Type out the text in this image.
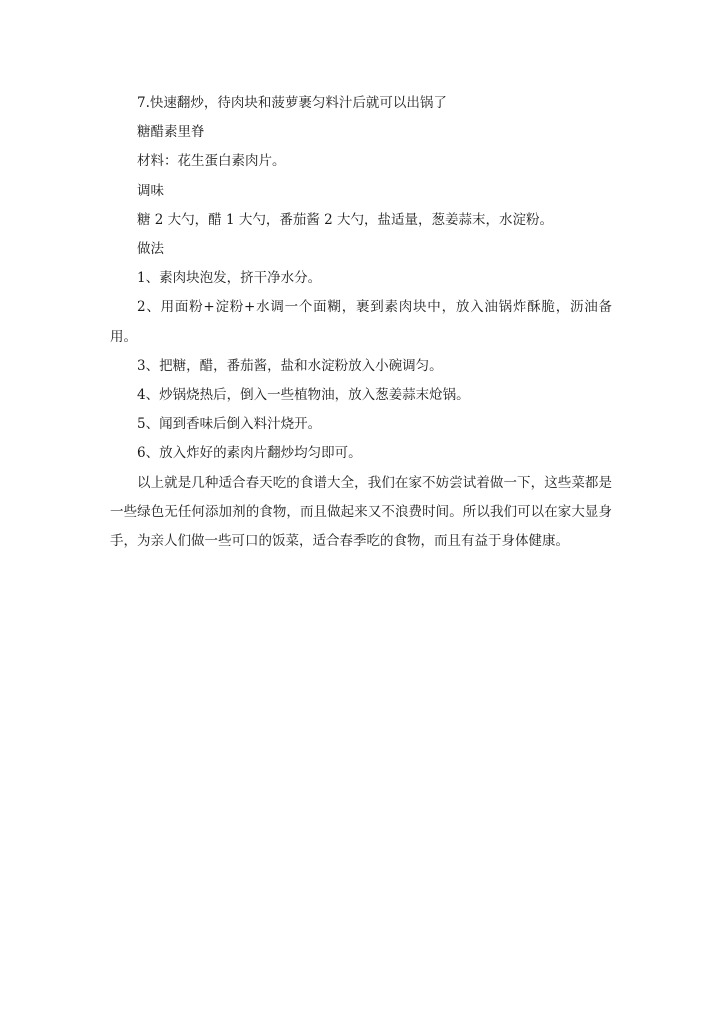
7.快速翻炒，待肉块和菠萝裹匀料汁后就可以出锅了

糖醋素里脊

材料：花生蛋白素肉片。

调味

糖 2 大勺，醋 1 大勺，番茄酱 2 大勺，盐适量，葱姜蒜末，水淀粉。

做法

1、素肉块泡发，挤干净水分。

2、用面粉+淀粉+水调一个面糊，裹到素肉块中，放入油锅炸酥脆，沥油备用。

3、把糖，醋，番茄酱，盐和水淀粉放入小碗调匀。

4、炒锅烧热后，倒入一些植物油，放入葱姜蒜末炝锅。

5、闻到香味后倒入料汁烧开。

6、放入炸好的素肉片翻炒均匀即可。

以上就是几种适合春天吃的食谱大全，我们在家不妨尝试着做一下，这些菜都是一些绿色无任何添加剂的食物，而且做起来又不浪费时间。所以我们可以在家大显身手，为亲人们做一些可口的饭菜，适合春季吃的食物，而且有益于身体健康。
